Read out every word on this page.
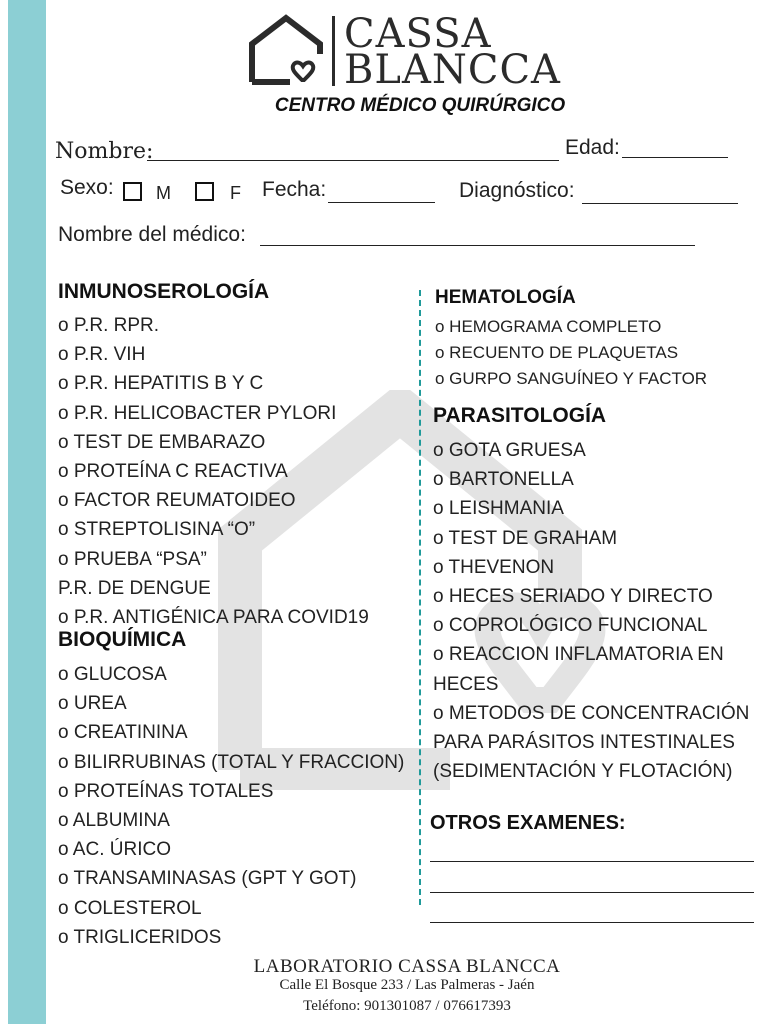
CASSA
BLANCCA
CENTRO MÉDICO QUIRÚRGICO
Nombre:	Edad:
Sexo: M	F Fecha:	Diagnóstico:
Nombre del médico:
INMUNOSEROLOGÍA
o P.R. RPR.
o P.R. VIH
o P.R. HEPATITIS B Y C
o P.R. HELICOBACTER PYLORI
o TEST DE EMBARAZO
o PROTEÍNA C REACTIVA
o FACTOR REUMATOIDEO
o STREPTOLISINA “O”
o PRUEBA “PSA”
P.R. DE DENGUE
o P.R. ANTIGÉNICA PARA COVID19
BIOQUÍMICA
o GLUCOSA
o UREA
o CREATININA
o BILIRRUBINAS (TOTAL Y FRACCION)
o PROTEÍNAS TOTALES
o ALBUMINA
o AC. ÚRICO
o TRANSAMINASAS (GPT Y GOT)
o COLESTEROL
o TRIGLICERIDOS
HEMATOLOGÍA
o HEMOGRAMA COMPLETO
o RECUENTO DE PLAQUETAS
o GURPO SANGUÍNEO Y FACTOR
PARASITOLOGÍA
o GOTA GRUESA
o BARTONELLA
o LEISHMANIA
o TEST DE GRAHAM
o THEVENON
o HECES SERIADO Y DIRECTO
o COPROLÓGICO FUNCIONAL
o REACCION INFLAMATORIA EN
HECES
o METODOS DE CONCENTRACIÓN
PARA PARÁSITOS INTESTINALES
(SEDIMENTACIÓN Y FLOTACIÓN)
OTROS EXAMENES:
LABORATORIO CASSA BLANCCA
Calle El Bosque 233 / Las Palmeras - Jaén
Teléfono: 901301087 / 076617393
